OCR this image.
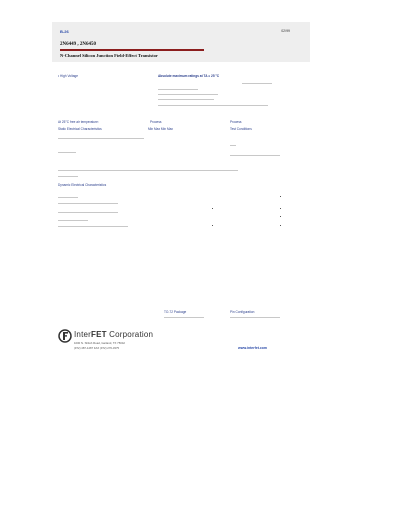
B-26	02/99
2N6449 , 2N6450
N-Channel Silicon Junction Field-Effect Transistor
• High Voltage	Absolute maximum ratings at TA = 25 °C
At 25°C free air temperature:	Process	Process
Static Electrical Characteristics	Min Max Min Max	Test Conditions
Dynamic Electrical Characteristics
TO-72 Package	Pin Configuration
InterFET Corporation
1000 N. Shiloh Road, Garland, TX 75042
(972) 487-1287 FAX (972) 276-3375	www.interfet.com
